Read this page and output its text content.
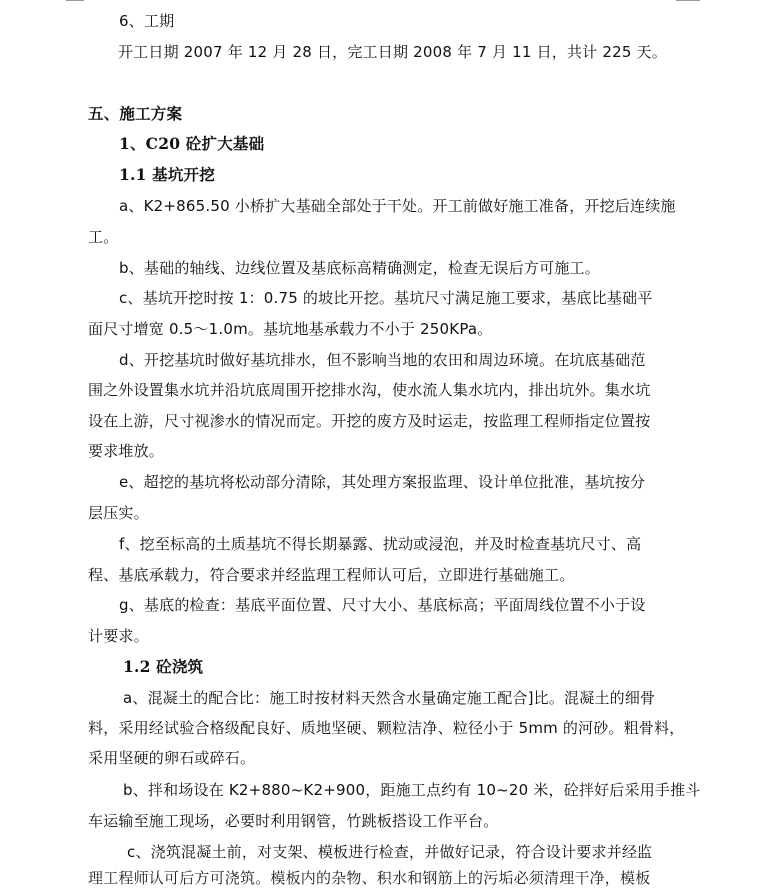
6、工期
开工日期 2007 年 12 月 28 日，完工日期 2008 年 7 月 11 日，共计 225 天。
五、施工方案
1、C20 砼扩大基础
1.1 基坑开挖
a、K2+865.50 小桥扩大基础全部处于干处。开工前做好施工准备，开挖后连续施
工。
b、基础的轴线、边线位置及基底标高精确测定，检查无误后方可施工。
c、基坑开挖时按 1：0.75 的坡比开挖。基坑尺寸满足施工要求，基底比基础平
面尺寸增宽 0.5～1.0m。基坑地基承载力不小于 250KPa。
d、开挖基坑时做好基坑排水，但不影响当地的农田和周边环境。在坑底基础范
围之外设置集水坑并沿坑底周围开挖排水沟，使水流人集水坑内，排出坑外。集水坑
设在上游，尺寸视渗水的情况而定。开挖的废方及时运走，按监理工程师指定位置按
要求堆放。
e、超挖的基坑将松动部分清除，其处理方案报监理、设计单位批准，基坑按分
层压实。
f、挖至标高的土质基坑不得长期暴露、扰动或浸泡，并及时检查基坑尺寸、高
程、基底承载力，符合要求并经监理工程师认可后，立即进行基础施工。
g、基底的检查：基底平面位置、尺寸大小、基底标高；平面周线位置不小于设
计要求。
1.2 砼浇筑
a、混凝土的配合比：施工时按材料天然含水量确定施工配合]比。混凝土的细骨
料，采用经试验合格级配良好、质地坚硬、颗粒洁净、粒径小于 5mm 的河砂。粗骨料，
采用坚硬的卵石或碎石。
b、拌和场设在 K2+880~K2+900，距施工点约有 10~20 米，砼拌好后采用手推斗
车运输至施工现场，必要时利用钢管，竹跳板搭设工作平台。
c、浇筑混凝土前，对支架、模板进行检查，并做好记录，符合设计要求并经监
理工程师认可后方可浇筑。模板内的杂物、积水和钢筋上的污垢必须清理干净，模板
